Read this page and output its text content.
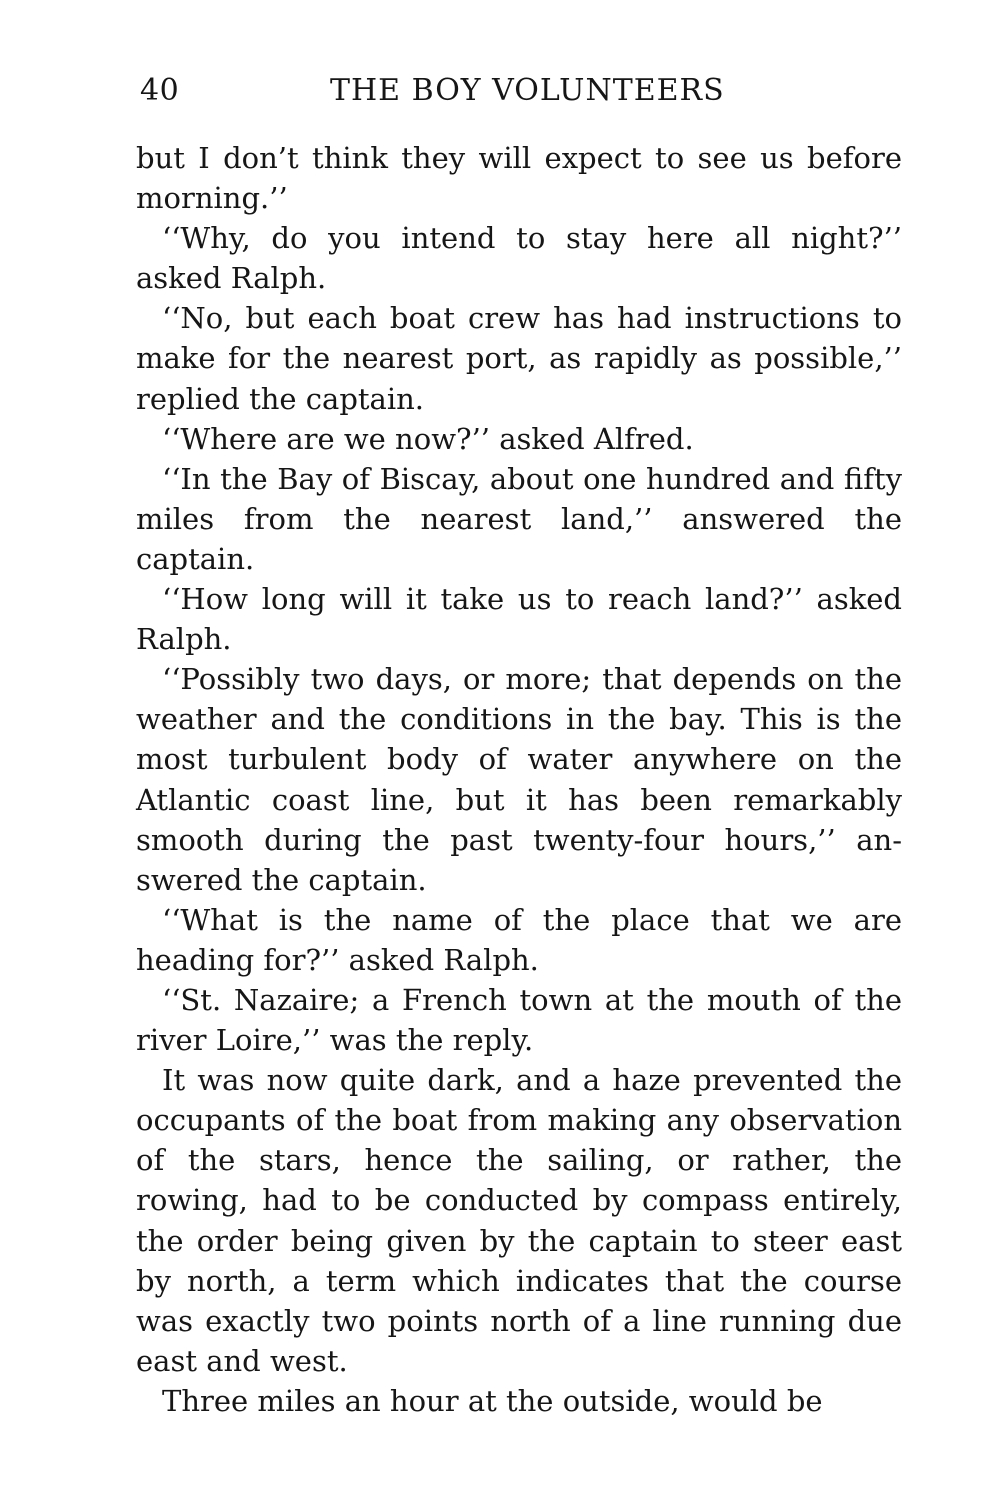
40	THE BOY VOLUNTEERS

but I don’t think they will expect to see us before morning.’’

‘‘Why, do you intend to stay here all night?’’ asked Ralph.

‘‘No, but each boat crew has had instructions to make for the nearest port, as rapidly as possible,’’ replied the captain.

‘‘Where are we now?’’ asked Alfred.

‘‘In the Bay of Biscay, about one hundred and fifty miles from the nearest land,’’ answered the captain.

‘‘How long will it take us to reach land?’’ asked Ralph.

‘‘Possibly two days, or more; that depends on the weather and the conditions in the bay. This is the most turbulent body of water anywhere on the Atlantic coast line, but it has been remarkably smooth during the past twenty-four hours,’’ answered the captain.

‘‘What is the name of the place that we are heading for?’’ asked Ralph.

‘‘St. Nazaire; a French town at the mouth of the river Loire,’’ was the reply.

It was now quite dark, and a haze prevented the occupants of the boat from making any observation of the stars, hence the sailing, or rather, the rowing, had to be conducted by compass entirely, the order being given by the captain to steer east by north, a term which indicates that the course was exactly two points north of a line running due east and west.

Three miles an hour at the outside, would be
